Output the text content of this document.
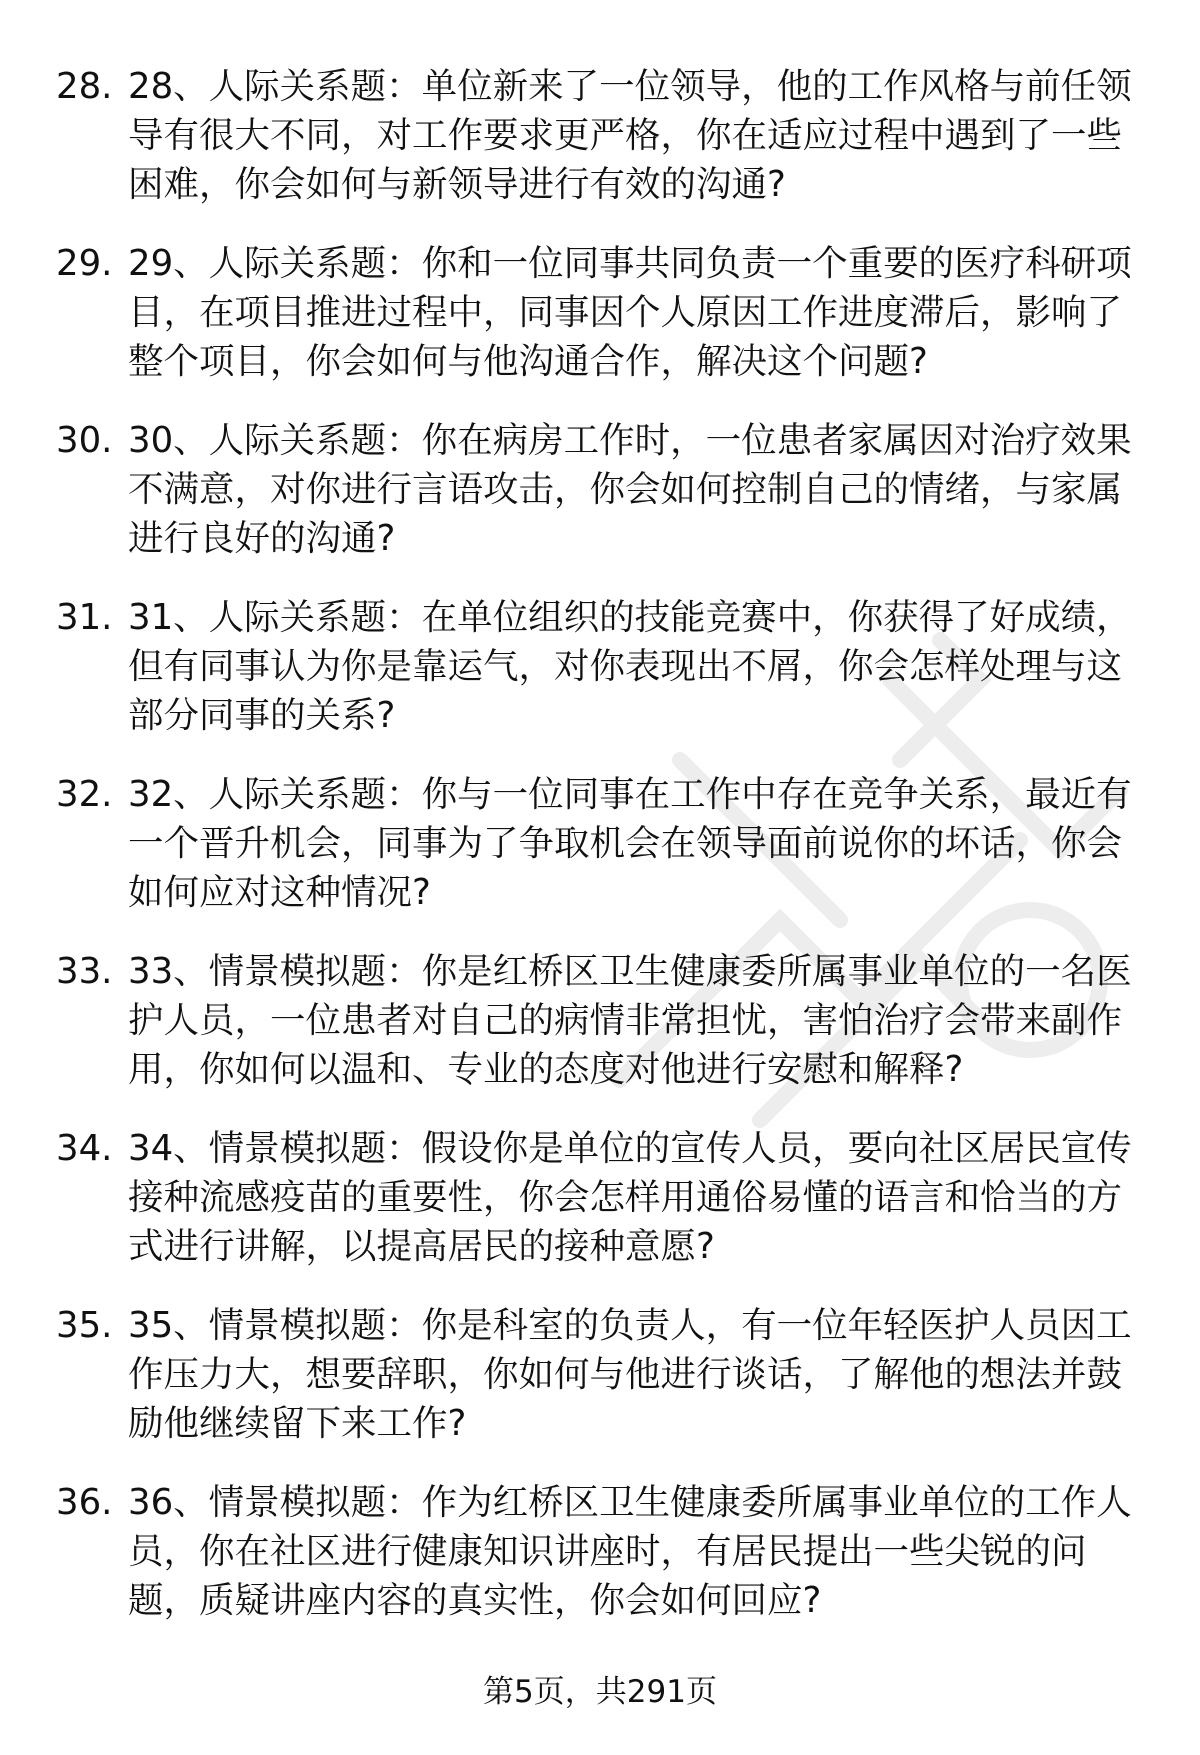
28. 28、人际关系题：单位新来了一位领导，他的工作风格与前任领导有很大不同，对工作要求更严格，你在适应过程中遇到了一些困难，你会如何与新领导进行有效的沟通?
29. 29、人际关系题：你和一位同事共同负责一个重要的医疗科研项目，在项目推进过程中，同事因个人原因工作进度滞后，影响了整个项目，你会如何与他沟通合作，解决这个问题?
30. 30、人际关系题：你在病房工作时，一位患者家属因对治疗效果不满意，对你进行言语攻击，你会如何控制自己的情绪，与家属进行良好的沟通?
31. 31、人际关系题：在单位组织的技能竞赛中，你获得了好成绩，但有同事认为你是靠运气，对你表现出不屑，你会怎样处理与这部分同事的关系?
32. 32、人际关系题：你与一位同事在工作中存在竞争关系，最近有一个晋升机会，同事为了争取机会在领导面前说你的坏话，你会如何应对这种情况?
33. 33、情景模拟题：你是红桥区卫生健康委所属事业单位的一名医护人员，一位患者对自己的病情非常担忧，害怕治疗会带来副作用，你如何以温和、专业的态度对他进行安慰和解释?
34. 34、情景模拟题：假设你是单位的宣传人员，要向社区居民宣传接种流感疫苗的重要性，你会怎样用通俗易懂的语言和恰当的方式进行讲解，以提高居民的接种意愿?
35. 35、情景模拟题：你是科室的负责人，有一位年轻医护人员因工作压力大，想要辞职，你如何与他进行谈话，了解他的想法并鼓励他继续留下来工作?
36. 36、情景模拟题：作为红桥区卫生健康委所属事业单位的工作人员，你在社区进行健康知识讲座时，有居民提出一些尖锐的问题，质疑讲座内容的真实性，你会如何回应?
第5页，共291页
